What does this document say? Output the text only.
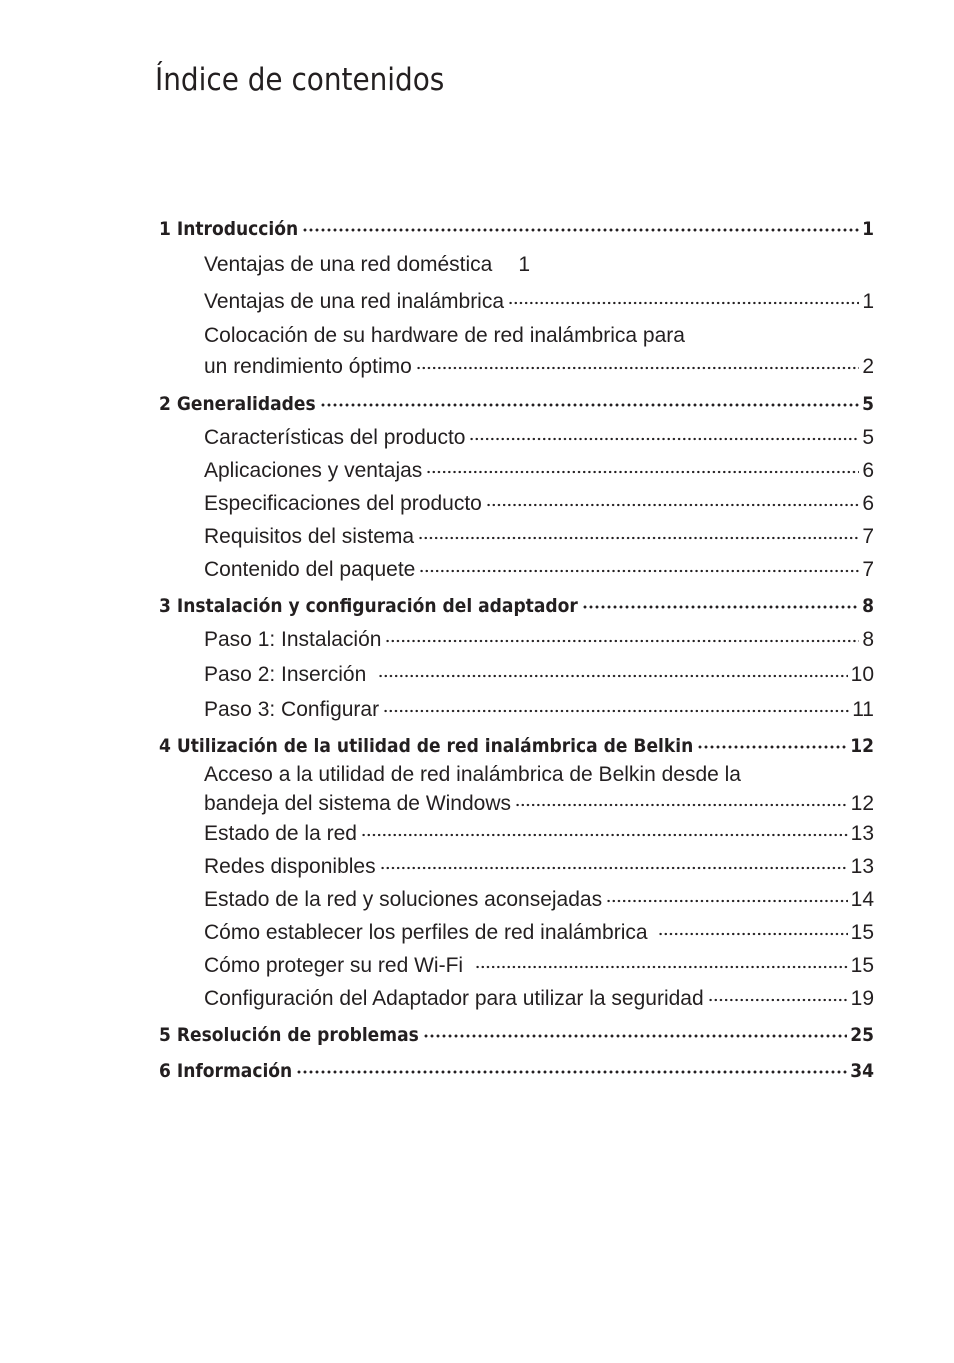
Índice de contenidos
1 Introducción	1
Ventajas de una red doméstica 1
Ventajas de una red inalámbrica	1
Colocación de su hardware de red inalámbrica para
un rendimiento óptimo	2
2 Generalidades	5
Características del producto	5
Aplicaciones y ventajas	6
Especificaciones del producto	6
Requisitos del sistema	7
Contenido del paquete	7
3 Instalación y configuración del adaptador	8
Paso 1: Instalación	8
Paso 2: Inserción	10
Paso 3: Configurar	11
4 Utilización de la utilidad de red inalámbrica de Belkin	12
Acceso a la utilidad de red inalámbrica de Belkin desde la
bandeja del sistema de Windows	12
Estado de la red	13
Redes disponibles	13
Estado de la red y soluciones aconsejadas	14
Cómo establecer los perfiles de red inalámbrica	15
Cómo proteger su red Wi-Fi	15
Configuración del Adaptador para utilizar la seguridad	19
5 Resolución de problemas	25
6 Información	34
